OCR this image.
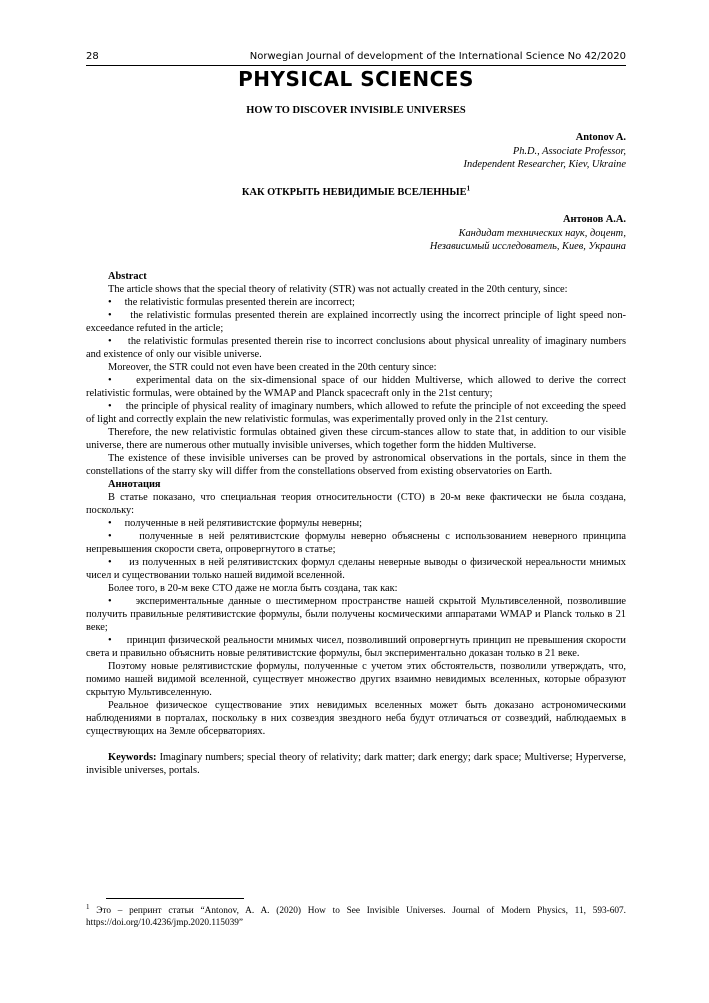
28	Norwegian Journal of development of the International Science No 42/2020
PHYSICAL SCIENCES
HOW TO DISCOVER INVISIBLE UNIVERSES
Antonov A.
Ph.D., Associate Professor,
Independent Researcher, Kiev, Ukraine
КАК ОТКРЫТЬ НЕВИДИМЫЕ ВСЕЛЕННЫЕ$^1$
Антонов А.А.
Кандидат технических наук, доцент,
Независимый исследователь, Киев, Украина

Abstract

The article shows that the special theory of relativity (STR) was not actually created in the 20th century, since:

•     the relativistic formulas presented therein are incorrect;

•     the relativistic formulas presented therein are explained incorrectly using the incorrect principle of light speed non-exceedance refuted in the article;

•     the relativistic formulas presented therein rise to incorrect conclusions about physical unreality of imaginary numbers and existence of only our visible universe.

Moreover, the STR could not even have been created in the 20th century since:

•     experimental data on the six-dimensional space of our hidden Multiverse, which allowed to derive the correct relativistic formulas, were obtained by the WMAP and Planck spacecraft only in the 21st century;

•     the principle of physical reality of imaginary numbers, which allowed to refute the principle of not exceeding the speed of light and correctly explain the new relativistic formulas, was experimentally proved only in the 21st century.

Therefore, the new relativistic formulas obtained given these circum-stances allow to state that, in addition to our visible universe, there are numerous other mutually invisible universes, which together form the hidden Multiverse.

The existence of these invisible universes can be proved by astronomical observations in the portals, since in them the constellations of the starry sky will differ from the constellations observed from existing observatories on Earth.

Аннотация

В статье показано, что специальная теория относительности (СТО) в 20-м веке фактически не была создана, поскольку:

•     полученные в ней релятивистские формулы неверны;

•     полученные в ней релятивистские формулы неверно объяснены с использованием неверного принципа непревышения скорости света, опровергнутого в статье;

•     из полученных в ней релятивистских формул сделаны неверные выводы о физической нереальности мнимых чисел и существовании только нашей видимой вселенной.

Более того, в 20-м веке СТО даже не могла быть создана, так как:

•     экспериментальные данные о шестимерном пространстве нашей скрытой Мультивселенной, позволившие получить правильные релятивистские формулы, были получены космическими аппаратами WMAP и Planck только в 21 веке;

•     принцип физической реальности мнимых чисел, позволивший опровергнуть принцип не превышения скорости света и правильно объяснить новые релятивистские формулы, был экспериментально доказан только в 21 веке.

Поэтому новые релятивистские формулы, полученные с учетом этих обстоятельств, позволили утверждать, что, помимо нашей видимой вселенной, существует множество других взаимно невидимых вселенных, которые образуют скрытую Мультивселенную.

Реальное физическое существование этих невидимых вселенных может быть доказано астрономическими наблюдениями в порталах, поскольку в них созвездия звездного неба будут отличаться от созвездий, наблюдаемых в существующих на Земле обсерваториях.

Keywords: Imaginary numbers; special theory of relativity; dark matter; dark energy; dark space; Multiverse; Hyperverse, invisible universes, portals.

$^1$ Это – репринт статьи “Antonov, A. A. (2020) How to See Invisible Universes. Journal of Modern Physics, 11, 593-607. https://doi.org/10.4236/jmp.2020.115039”
